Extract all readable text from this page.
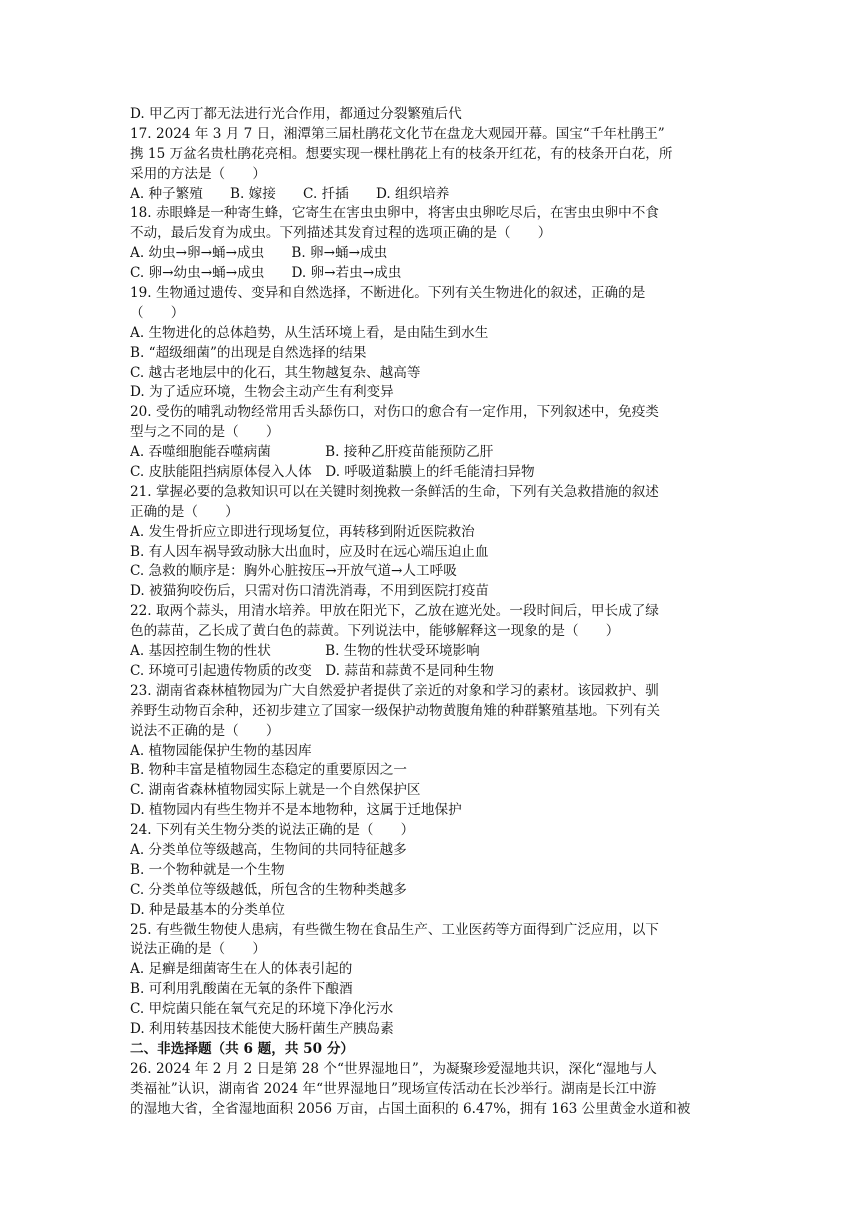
D. 甲乙丙丁都无法进行光合作用，都通过分裂繁殖后代
17. 2024 年 3 月 7 日，湘潭第三届杜鹃花文化节在盘龙大观园开幕。国宝“千年杜鹃王”
携 15 万盆名贵杜鹃花亮相。想要实现一棵杜鹃花上有的枝条开红花，有的枝条开白花，所
采用的方法是（　　）
A. 种子繁殖　　B. 嫁接　　C. 扦插　　D. 组织培养
18. 赤眼蜂是一种寄生蜂，它寄生在害虫虫卵中，将害虫虫卵吃尽后，在害虫虫卵中不食
不动，最后发育为成虫。下列描述其发育过程的选项正确的是（　　）
A. 幼虫→卵→蛹→成虫　　B. 卵→蛹→成虫
C. 卵→幼虫→蛹→成虫　　D. 卵→若虫→成虫
19. 生物通过遗传、变异和自然选择，不断进化。下列有关生物进化的叙述，正确的是
（　　）
A. 生物进化的总体趋势，从生活环境上看，是由陆生到水生
B. “超级细菌”的出现是自然选择的结果
C. 越古老地层中的化石，其生物越复杂、越高等
D. 为了适应环境，生物会主动产生有利变异
20. 受伤的哺乳动物经常用舌头舔伤口，对伤口的愈合有一定作用，下列叙述中，免疫类
型与之不同的是（　　）
A. 吞噬细胞能吞噬病菌　　　　B. 接种乙肝疫苗能预防乙肝
C. 皮肤能阻挡病原体侵入人体　D. 呼吸道黏膜上的纤毛能清扫异物
21. 掌握必要的急救知识可以在关键时刻挽救一条鲜活的生命，下列有关急救措施的叙述
正确的是（　　）
A. 发生骨折应立即进行现场复位，再转移到附近医院救治
B. 有人因车祸导致动脉大出血时，应及时在远心端压迫止血
C. 急救的顺序是：胸外心脏按压→开放气道→人工呼吸
D. 被猫狗咬伤后，只需对伤口清洗消毒，不用到医院打疫苗
22. 取两个蒜头，用清水培养。甲放在阳光下，乙放在遮光处。一段时间后，甲长成了绿
色的蒜苗，乙长成了黄白色的蒜黄。下列说法中，能够解释这一现象的是（　　）
A. 基因控制生物的性状　　　　B. 生物的性状受环境影响
C. 环境可引起遗传物质的改变　D. 蒜苗和蒜黄不是同种生物
23. 湖南省森林植物园为广大自然爱护者提供了亲近的对象和学习的素材。该园救护、驯
养野生动物百余种，还初步建立了国家一级保护动物黄腹角雉的种群繁殖基地。下列有关
说法不正确的是（　　）
A. 植物园能保护生物的基因库
B. 物种丰富是植物园生态稳定的重要原因之一
C. 湖南省森林植物园实际上就是一个自然保护区
D. 植物园内有些生物并不是本地物种，这属于迁地保护
24. 下列有关生物分类的说法正确的是（　　）
A. 分类单位等级越高，生物间的共同特征越多
B. 一个物种就是一个生物
C. 分类单位等级越低，所包含的生物种类越多
D. 种是最基本的分类单位
25. 有些微生物使人患病，有些微生物在食品生产、工业医药等方面得到广泛应用，以下
说法正确的是（　　）
A. 足癣是细菌寄生在人的体表引起的
B. 可利用乳酸菌在无氧的条件下酿酒
C. 甲烷菌只能在氧气充足的环境下净化污水
D. 利用转基因技术能使大肠杆菌生产胰岛素
二、非选择题（共 6 题，共 50 分）
26. 2024 年 2 月 2 日是第 28 个“世界湿地日”，为凝聚珍爱湿地共识，深化“湿地与人
类福祉”认识，湖南省 2024 年“世界湿地日”现场宣传活动在长沙举行。湖南是长江中游
的湿地大省，全省湿地面积 2056 万亩，占国土面积的 6.47%，拥有 163 公里黄金水道和被
